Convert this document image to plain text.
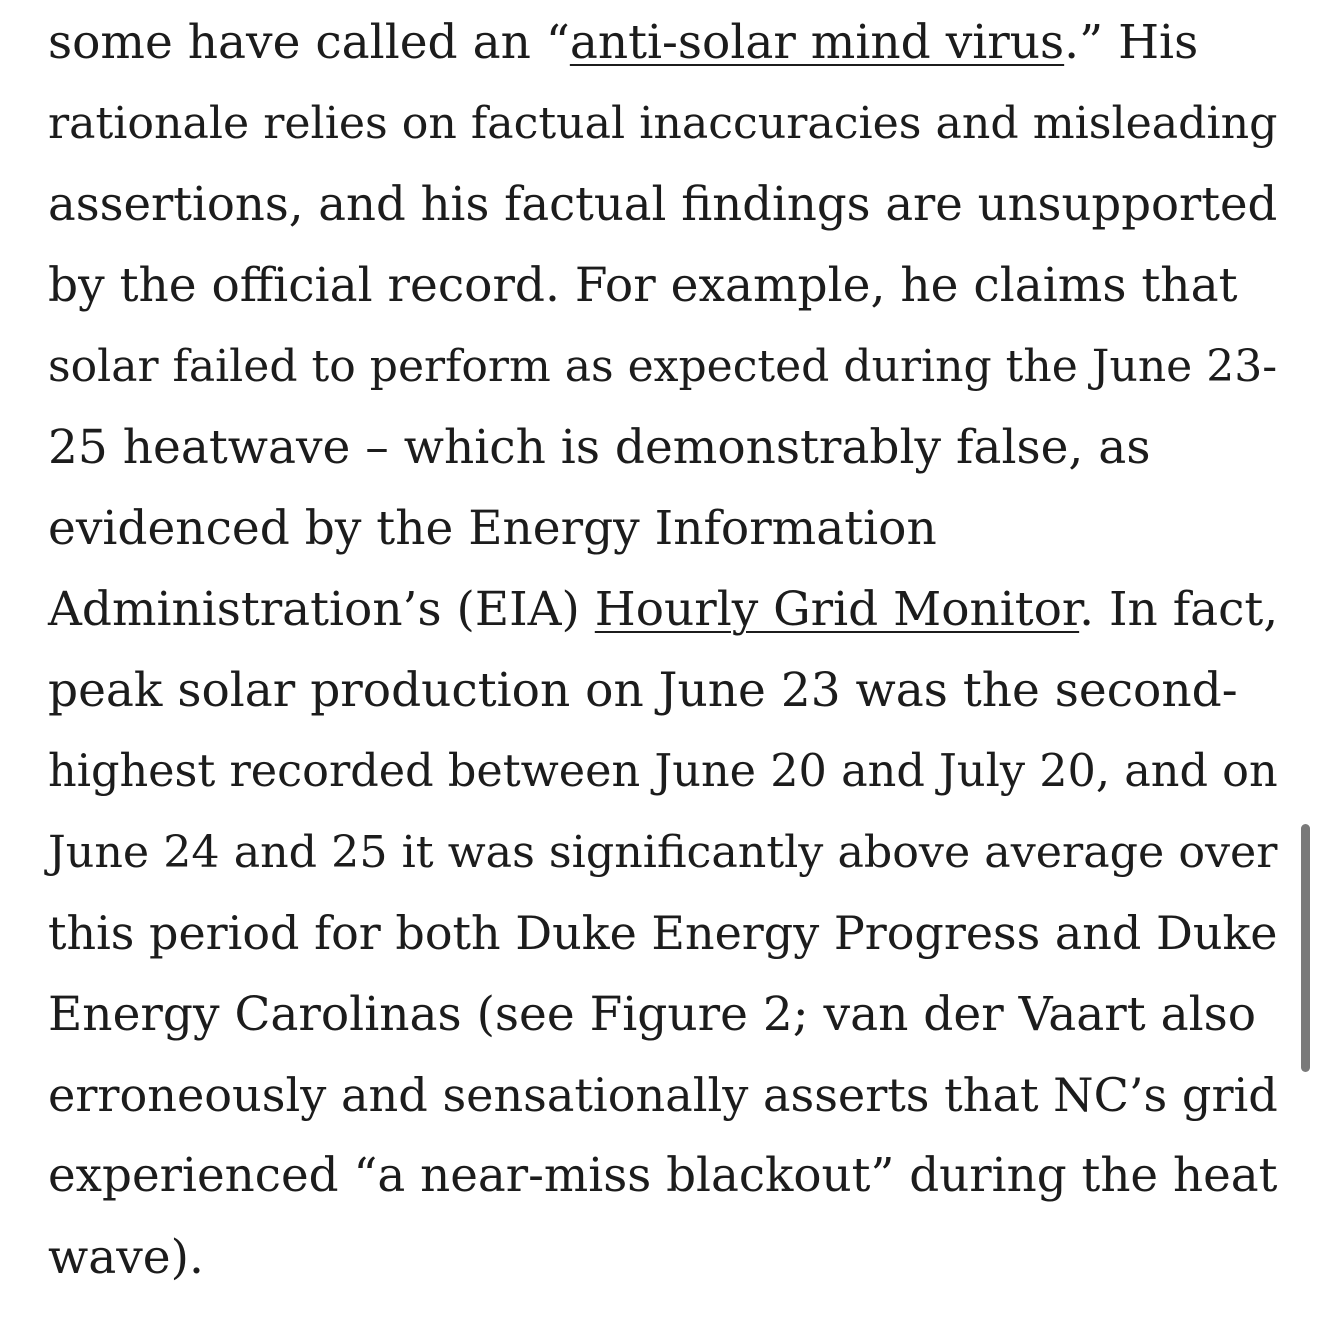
some have called an “anti-solar mind virus.” His
rationale relies on factual inaccuracies and misleading
assertions, and his factual findings are unsupported
by the official record. For example, he claims that
solar failed to perform as expected during the June 23-
25 heatwave – which is demonstrably false, as
evidenced by the Energy Information
Administration’s (EIA) Hourly Grid Monitor. In fact,
peak solar production on June 23 was the second-
highest recorded between June 20 and July 20, and on
June 24 and 25 it was significantly above average over
this period for both Duke Energy Progress and Duke
Energy Carolinas (see Figure 2; van der Vaart also
erroneously and sensationally asserts that NC’s grid
experienced “a near-miss blackout” during the heat
wave).
